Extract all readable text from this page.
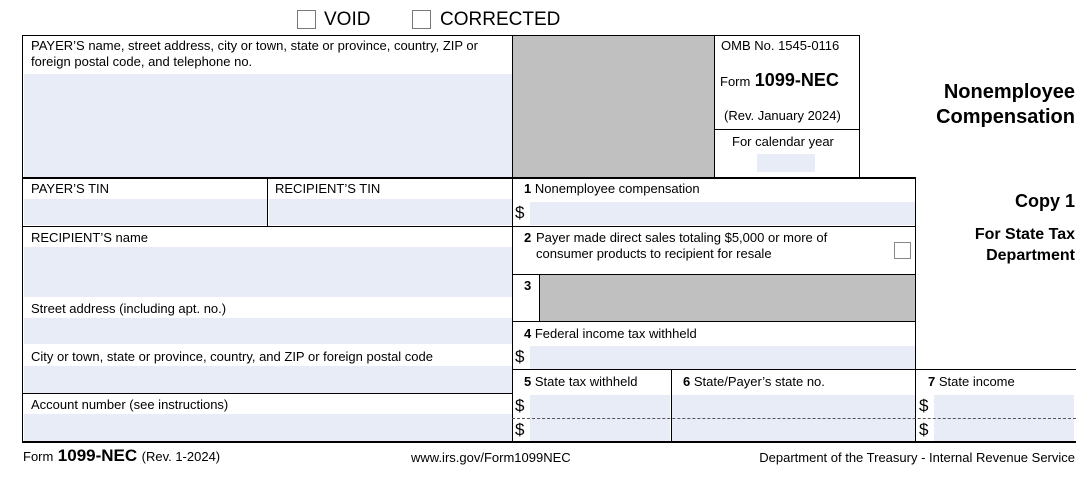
VOID	CORRECTED
PAYER’S name, street address, city or town, state or province, country, ZIP or foreign postal code, and telephone no.
OMB No. 1545-0116
Form 1099-NEC
(Rev. January 2024)
For calendar year
Nonemployee
Compensation
PAYER’S TIN	RECIPIENT’S TIN	1 Nonemployee compensation
$
RECIPIENT’S name
Street address (including apt. no.)
City or town, state or province, country, and ZIP or foreign postal code
Account number (see instructions)
2 Payer made direct sales totaling $5,000 or more of consumer products to recipient for resale
3
4 Federal income tax withheld
$
5 State tax withheld	6 State/Payer’s state no.	7 State income
$
$
$
$
Copy 1
For State Tax
Department
Form 1099-NEC (Rev. 1-2024)	www.irs.gov/Form1099NEC	Department of the Treasury - Internal Revenue Service
